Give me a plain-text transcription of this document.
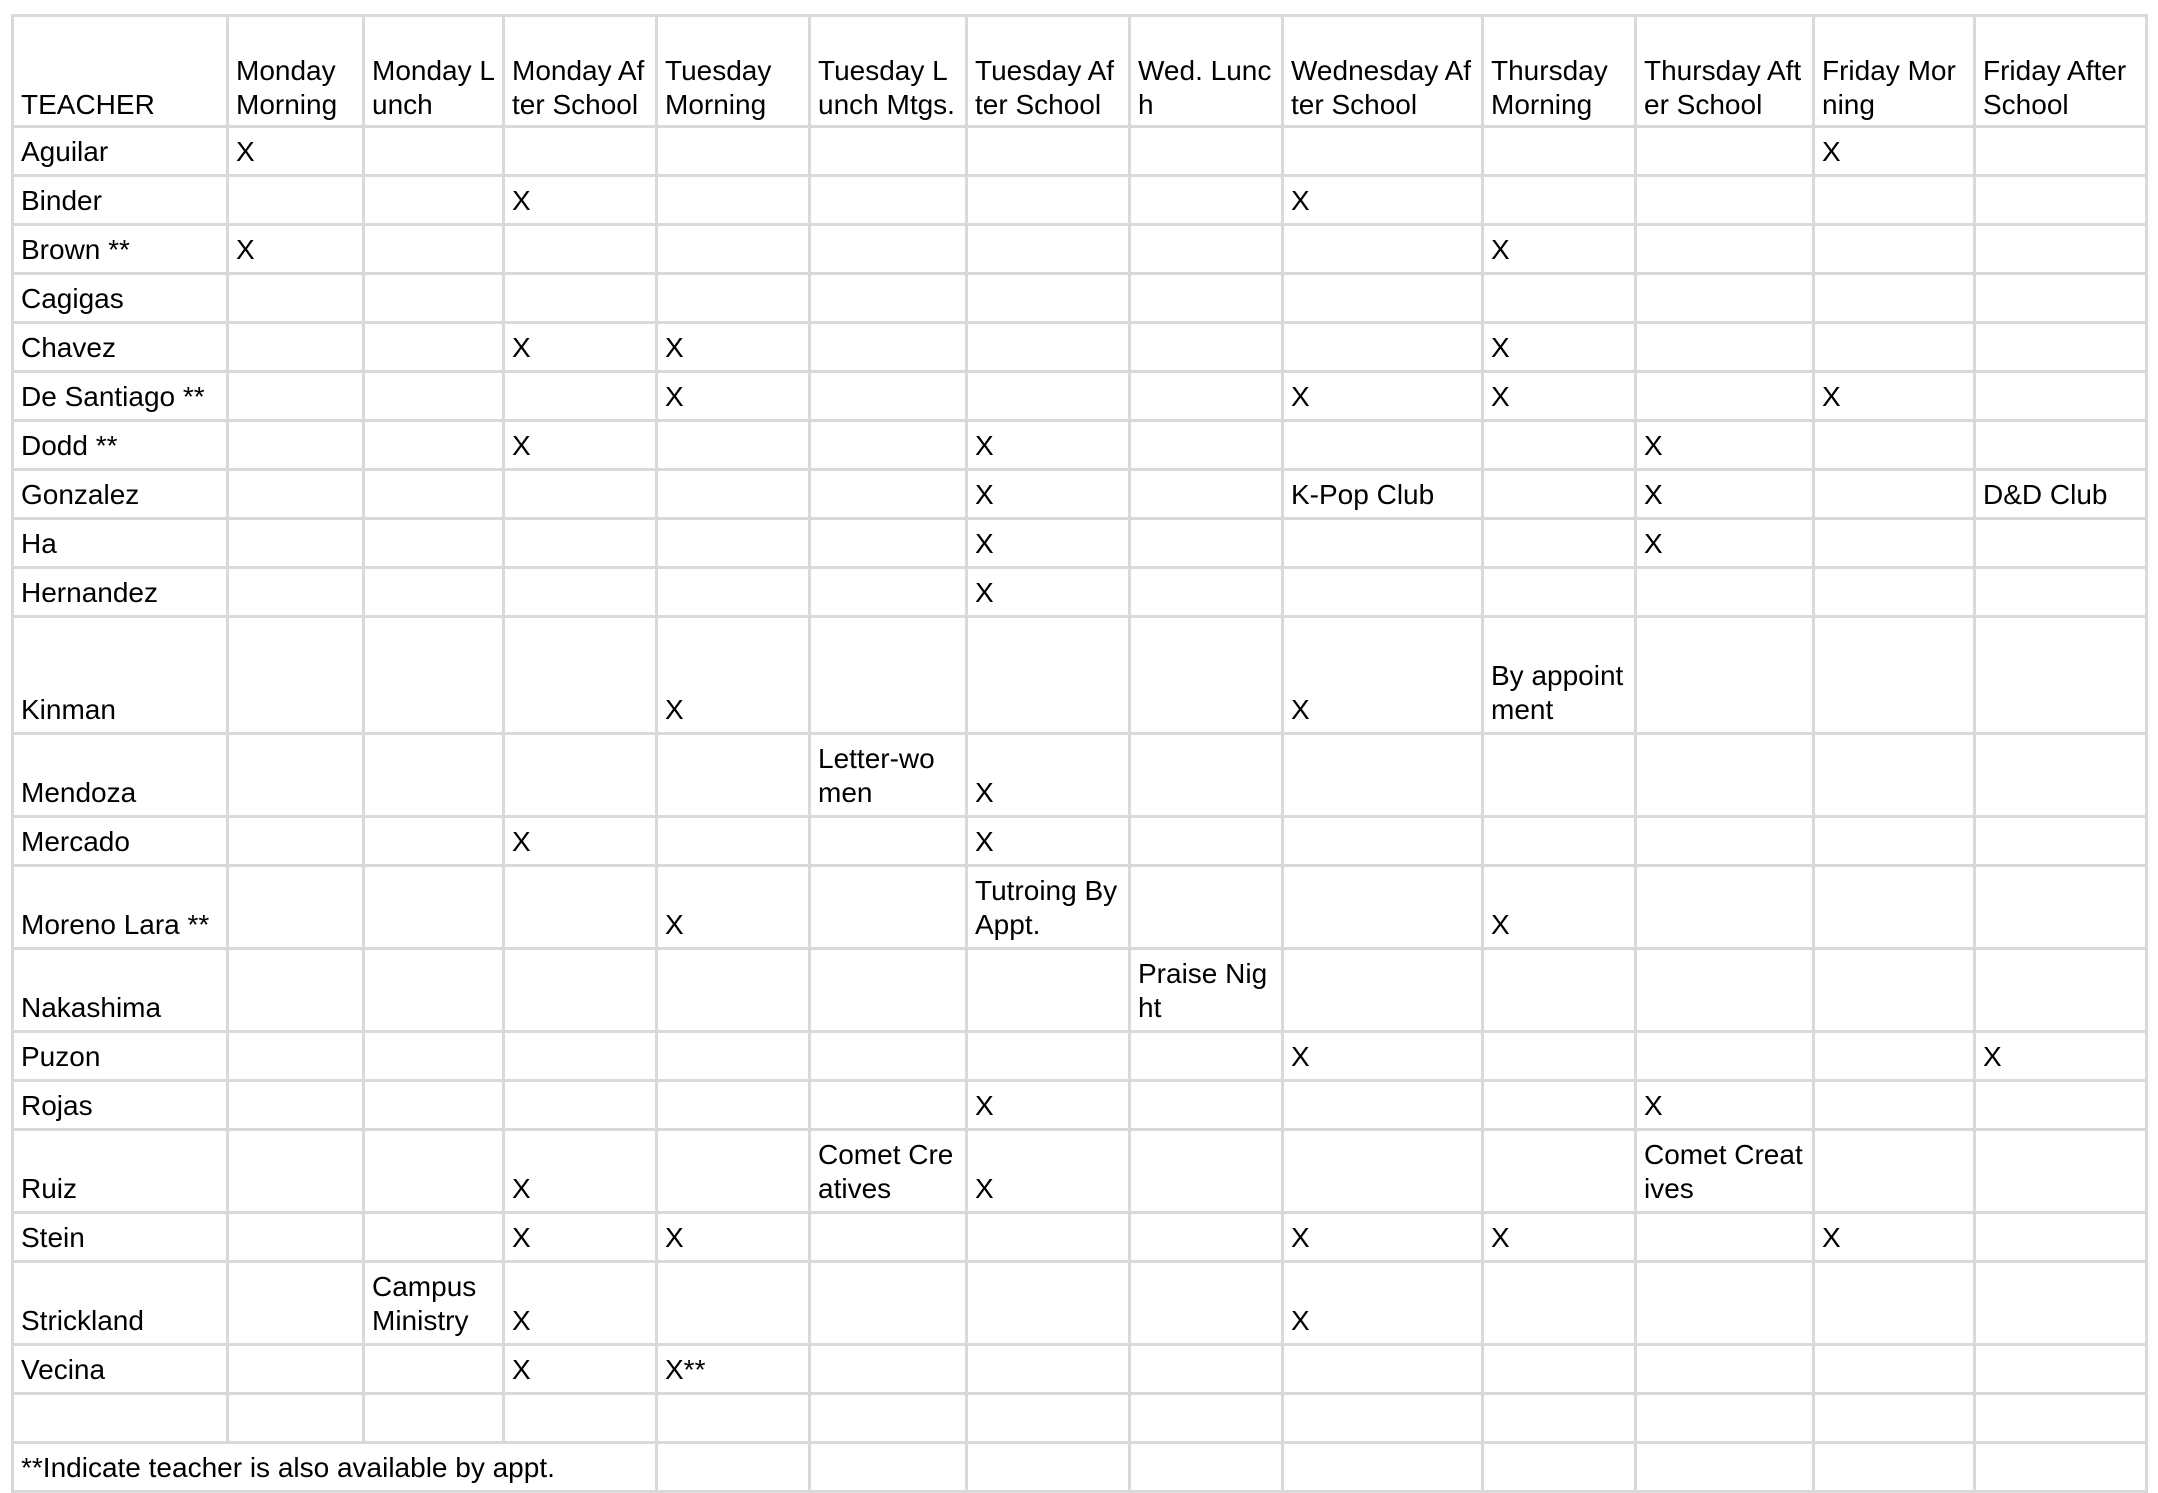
TEACHER	Monday Morning	Monday Lunch	Monday After School	Tuesday Morning	Tuesday Lunch Mtgs.	Tuesday After School	Wed. Lunch	Wednesday After School	Thursday Morning	Thursday After School	Friday Morning	Friday After School
Aguilar	X										X	
Binder			X					X				
Brown **	X								X			
Cagigas												
Chavez			X	X					X			
De Santiago **				X				X	X		X	
Dodd **			X			X				X		
Gonzalez						X		K-Pop Club		X		D&D Club
Ha						X				X		
Hernandez						X						
Kinman				X				X	By appointment			
Mendoza					Letter-women	X						
Mercado			X			X						
Moreno Lara **				X		Tutroing By Appt.			X			
Nakashima							Praise Night					
Puzon								X				X
Rojas						X				X		
Ruiz			X		Comet Creatives	X				Comet Creatives		
Stein			X	X				X	X		X	
Strickland		Campus Ministry	X					X				
Vecina			X	X**								

**Indicate teacher is also available by appt.												
